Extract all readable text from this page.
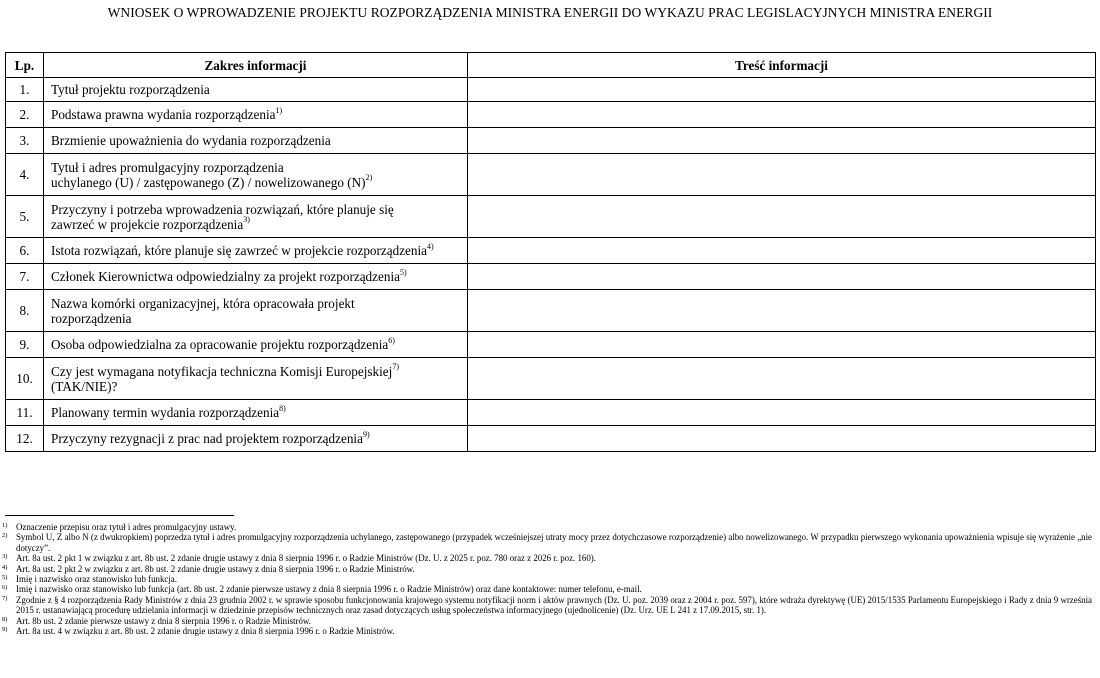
WNIOSEK O WPROWADZENIE PROJEKTU ROZPORZĄDZENIA MINISTRA ENERGII DO WYKAZU PRAC LEGISLACYJNYCH MINISTRA ENERGII
Lp.	Zakres informacji	Treść informacji
1.	Tytuł projektu rozporządzenia	
2.	Podstawa prawna wydania rozporządzenia$^{1)}$	
3.	Brzmienie upoważnienia do wydania rozporządzenia	
4.	Tytuł i adres promulgacyjny rozporządzenia
uchylanego (U) / zastępowanego (Z) / nowelizowanego $(N)^{2)}$	
5.	Przyczyny i potrzeba wprowadzenia rozwiązań, które planuje się
zawrzeć w projekcie rozporządzenia$^{3)}$	
6.	Istota rozwiązań, które planuje się zawrzeć w projekcie rozporządzenia$^{4)}$	
7.	Członek Kierownictwa odpowiedzialny za projekt rozporządzenia$^{5)}$	
8.	Nazwa komórki organizacyjnej, która opracowała projekt
rozporządzenia	
9.	Osoba odpowiedzialna za opracowanie projektu rozporządzenia$^{6)}$	
10.	Czy jest wymagana notyfikacja techniczna Komisji Europejskiej$^{7)}$
(TAK/NIE)?	
11.	Planowany termin wydania rozporządzenia$^{8)}$	
12.	Przyczyny rezygnacji z prac nad projektem rozporządzenia$^{9)}$	
1) Oznaczenie przepisu oraz tytuł i adres promulgacyjny ustawy.
2) Symbol U, Z albo N (z dwukropkiem) poprzedza tytuł i adres promulgacyjny rozporządzenia uchylanego, zastępowanego (przypadek wcześniejszej utraty mocy przez dotychczasowe rozporządzenie) albo nowelizowanego. W przypadku pierwszego wykonania upoważnienia wpisuje się wyrażenie „nie dotyczy”.
3) Art. 8a ust. 2 pkt 1 w związku z art. 8b ust. 2 zdanie drugie ustawy z dnia 8 sierpnia 1996 r. o Radzie Ministrów (Dz. U. z 2025 r. poz. 780 oraz z 2026 r. poz. 160).
4) Art. 8a ust. 2 pkt 2 w związku z art. 8b ust. 2 zdanie drugie ustawy z dnia 8 sierpnia 1996 r. o Radzie Ministrów.
5) Imię i nazwisko oraz stanowisko lub funkcja.
6) Imię i nazwisko oraz stanowisko lub funkcja (art. 8b ust. 2 zdanie pierwsze ustawy z dnia 8 sierpnia 1996 r. o Radzie Ministrów) oraz dane kontaktowe: numer telefonu, e-mail.
7) Zgodnie z § 4 rozporządzenia Rady Ministrów z dnia 23 grudnia 2002 r. w sprawie sposobu funkcjonowania krajowego systemu notyfikacji norm i aktów prawnych (Dz. U. poz. 2039 oraz z 2004 r. poz. 597), które wdraża dyrektywę (UE) 2015/1535 Parlamentu Europejskiego i Rady z dnia 9 września 2015 r. ustanawiającą procedurę udzielania informacji w dziedzinie przepisów technicznych oraz zasad dotyczących usług społeczeństwa informacyjnego (ujednolicenie) (Dz. Urz. UE L 241 z 17.09.2015, str. 1).
8) Art. 8b ust. 2 zdanie pierwsze ustawy z dnia 8 sierpnia 1996 r. o Radzie Ministrów.
9) Art. 8a ust. 4 w związku z art. 8b ust. 2 zdanie drugie ustawy z dnia 8 sierpnia 1996 r. o Radzie Ministrów.
